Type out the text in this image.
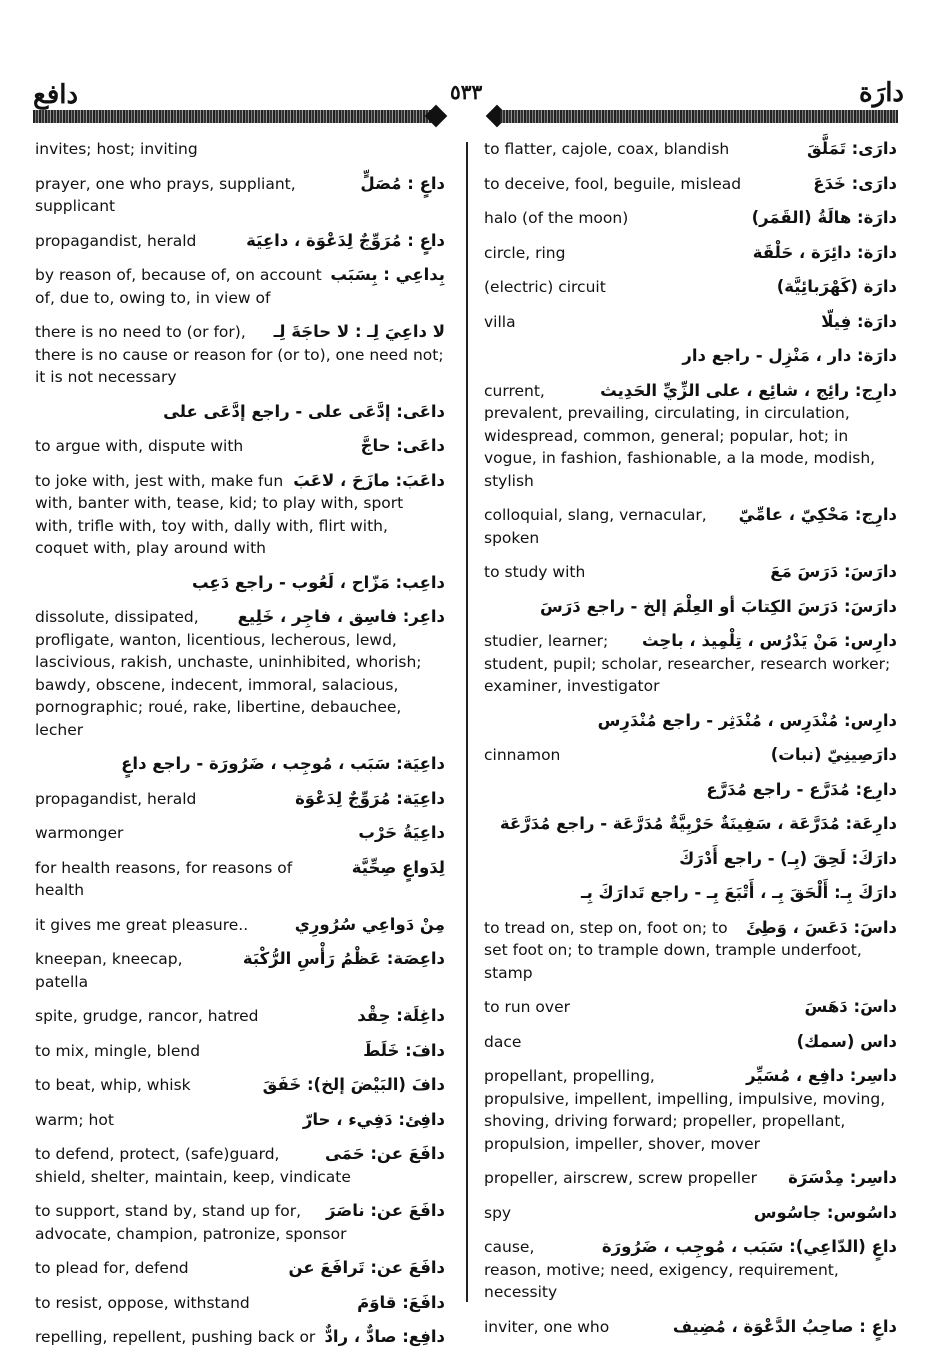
دافع	٥٣٣	دارَة
invites; host; inviting
داعٍ : مُصَلٍّ
prayer, one who prays, suppliant, supplicant
داعٍ : مُرَوِّجٌ لِدَعْوَة ، داعِيَة
propagandist, herald
بِداعِي : بِسَبَب
by reason of, because of, on account of, due to, owing to, in view of
لا داعِيَ لِـ : لا حاجَةَ لِـ
there is no need to (or for), there is no cause or reason for (or to), one need not; it is not necessary
داعَى: إدَّعَى على - راجع إدَّعَى على
داعَى: حاجَّ
to argue with, dispute with
داعَبَ: مازَحَ ، لاعَبَ
to joke with, jest with, make fun with, banter with, tease, kid; to play with, sport with, trifle with, toy with, dally with, flirt with, coquet with, play around with
داعِب: مَزّاح ، لَعُوب - راجع دَعِب
داعِر: فاسِق ، فاجِر ، خَلِيع
dissolute, dissipated, profligate, wanton, licentious, lecherous, lewd, lascivious, rakish, unchaste, uninhibited, whorish; bawdy, obscene, indecent, immoral, salacious, pornographic; roué, rake, libertine, debauchee, lecher
داعِيَة: سَبَب ، مُوجِب ، ضَرُورَة - راجع داعٍ
داعِيَة: مُرَوِّجٌ لِدَعْوَة
propagandist, herald
داعِيَةُ حَرْب
warmonger
لِدَواعٍ صِحِّيَّة
for health reasons, for reasons of health
مِنْ دَواعِي سُرُورِي
it gives me great pleasure..
داعِصَة: عَظْمُ رَأْسِ الرُّكْبَة
kneepan, kneecap, patella
داغِلَة: حِقْد
spite, grudge, rancor, hatred
دافَ: خَلَطَ
to mix, mingle, blend
دافَ (البَيْضَ إلخ): خَفَقَ
to beat, whip, whisk
دافِئ: دَفِيء ، حارّ
warm; hot
دافَعَ عن: حَمَى
to defend, protect, (safe)guard, shield, shelter, maintain, keep, vindicate
دافَعَ عن: ناصَرَ
to support, stand by, stand up for, advocate, champion, patronize, sponsor
دافَعَ عن: تَرافَعَ عن
to plead for, defend
دافَعَ: قاوَمَ
to resist, oppose, withstand
دافِع: صادٌّ ، رادٌّ
repelling, repellent, pushing back or
دارَى: تَمَلَّقَ
to flatter, cajole, coax, blandish
دارَى: خَدَعَ
to deceive, fool, beguile, mislead
دارَة: هالَةُ (القَمَر)
halo (of the moon)
دارَة: دائِرَة ، حَلْقَة
circle, ring
دارَة (كَهْرَبائِيَّة)
(electric) circuit
دارَة: فِيلّا
villa
دارَة: دار ، مَنْزِل - راجع دار
دارِج: رائِج ، شائِع ، على الزِّيِّ الحَدِيث
current, prevalent, prevailing, circulating, in circulation, widespread, common, general; popular, hot; in vogue, in fashion, fashionable, a la mode, modish, stylish
دارِج: مَحْكِيّ ، عامِّيّ
colloquial, slang, vernacular, spoken
دارَسَ: دَرَسَ مَعَ
to study with
دارَسَ: دَرَسَ الكِتابَ أو العِلْمَ إلخ - راجع دَرَسَ
دارِس: مَنْ يَدْرُس ، تِلْمِيذ ، باحِث
studier, learner; student, pupil; scholar, researcher, research worker; examiner, investigator
دارِس: مُنْدَرِس ، مُنْدَثِر - راجع مُنْدَرِس
دارَصِينِيّ (نبات)
cinnamon
دارِع: مُدَرَّع - راجع مُدَرَّع
دارِعَة: مُدَرَّعَة ، سَفِينَةٌ حَرْبِيَّةٌ مُدَرَّعَة - راجع مُدَرَّعَة
دارَكَ: لَحِقَ (بِـ) - راجع أَدْرَكَ
دارَكَ بِـ: أَلْحَقَ بِـ ، أَتْبَعَ بِـ - راجع تَدارَكَ بِـ
داسَ: دَعَسَ ، وَطِئَ
to tread on, step on, foot on; to set foot on; to trample down, trample underfoot, stamp
داسَ: دَهَسَ
to run over
داس (سمك)
dace
داسِر: دافِع ، مُسَيِّر
propellant, propelling, propulsive, impellent, impelling, impulsive, moving, shoving, driving forward; propeller, propellant, propulsion, impeller, shover, mover
داسِر: مِدْسَرَة
propeller, airscrew, screw propeller
داسُوس: جاسُوس
spy
داعٍ (الدّاعِي): سَبَب ، مُوجِب ، ضَرُورَة
cause, reason, motive; need, exigency, requirement, necessity
داعٍ : صاحِبُ الدَّعْوَة ، مُضِيف
inviter, one who
